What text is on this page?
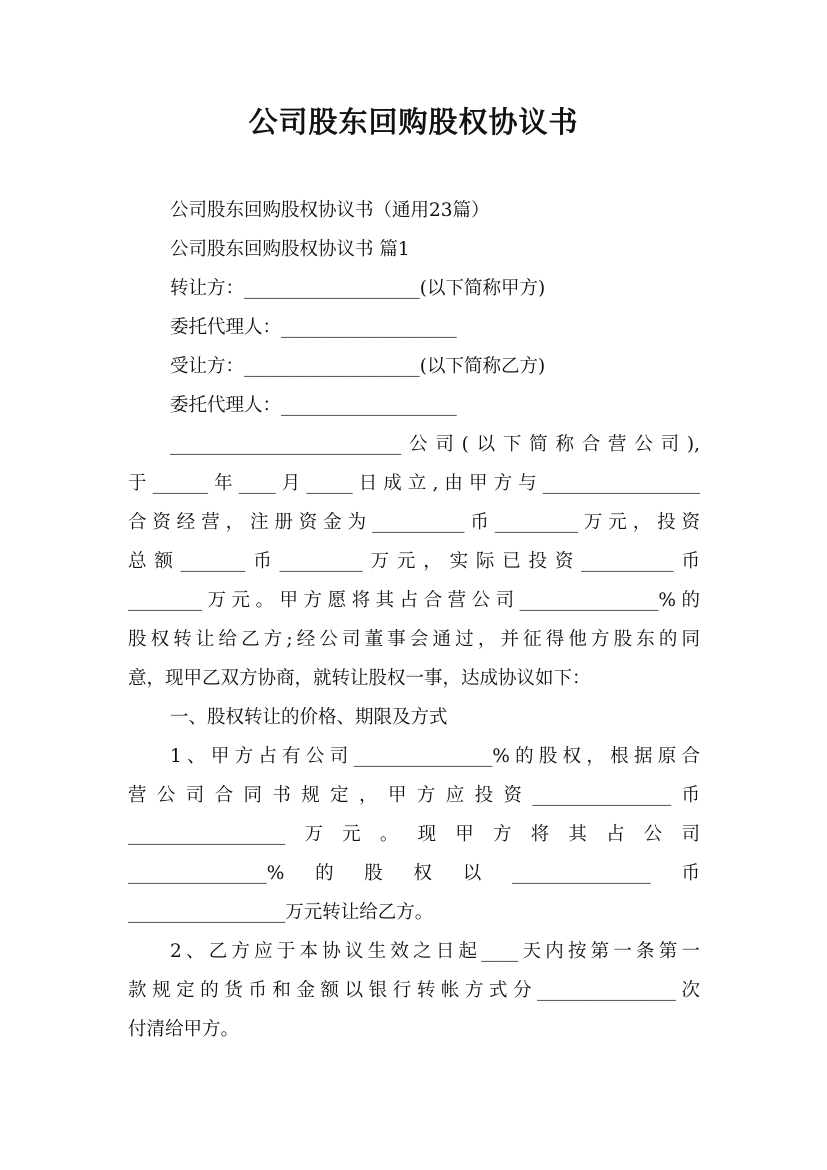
公司股东回购股权协议书
公司股东回购股权协议书（通用23篇）
公司股东回购股权协议书 篇1
转让方：___________________(以下简称甲方)
委托代理人：___________________
受让方：___________________(以下简称乙方)
委托代理人：___________________
_________________________公司(以下简称合营公司),
于______年____月_____日成立,由甲方与_________________
合资经营，注册资金为__________币_________万元，投资
总额_______币_________万元，实际已投资__________币
________万元。甲方愿将其占合营公司_______________%的
股权转让给乙方;经公司董事会通过，并征得他方股东的同
意，现甲乙双方协商，就转让股权一事，达成协议如下：
一、股权转让的价格、期限及方式
1、甲方占有公司_______________%的股权，根据原合
营公司合同书规定，甲方应投资_______________币
_________________万元。现甲方将其占公司
_______________%的股权以_______________币
_________________万元转让给乙方。
2、乙方应于本协议生效之日起____天内按第一条第一
款规定的货币和金额以银行转帐方式分_______________次
付清给甲方。
